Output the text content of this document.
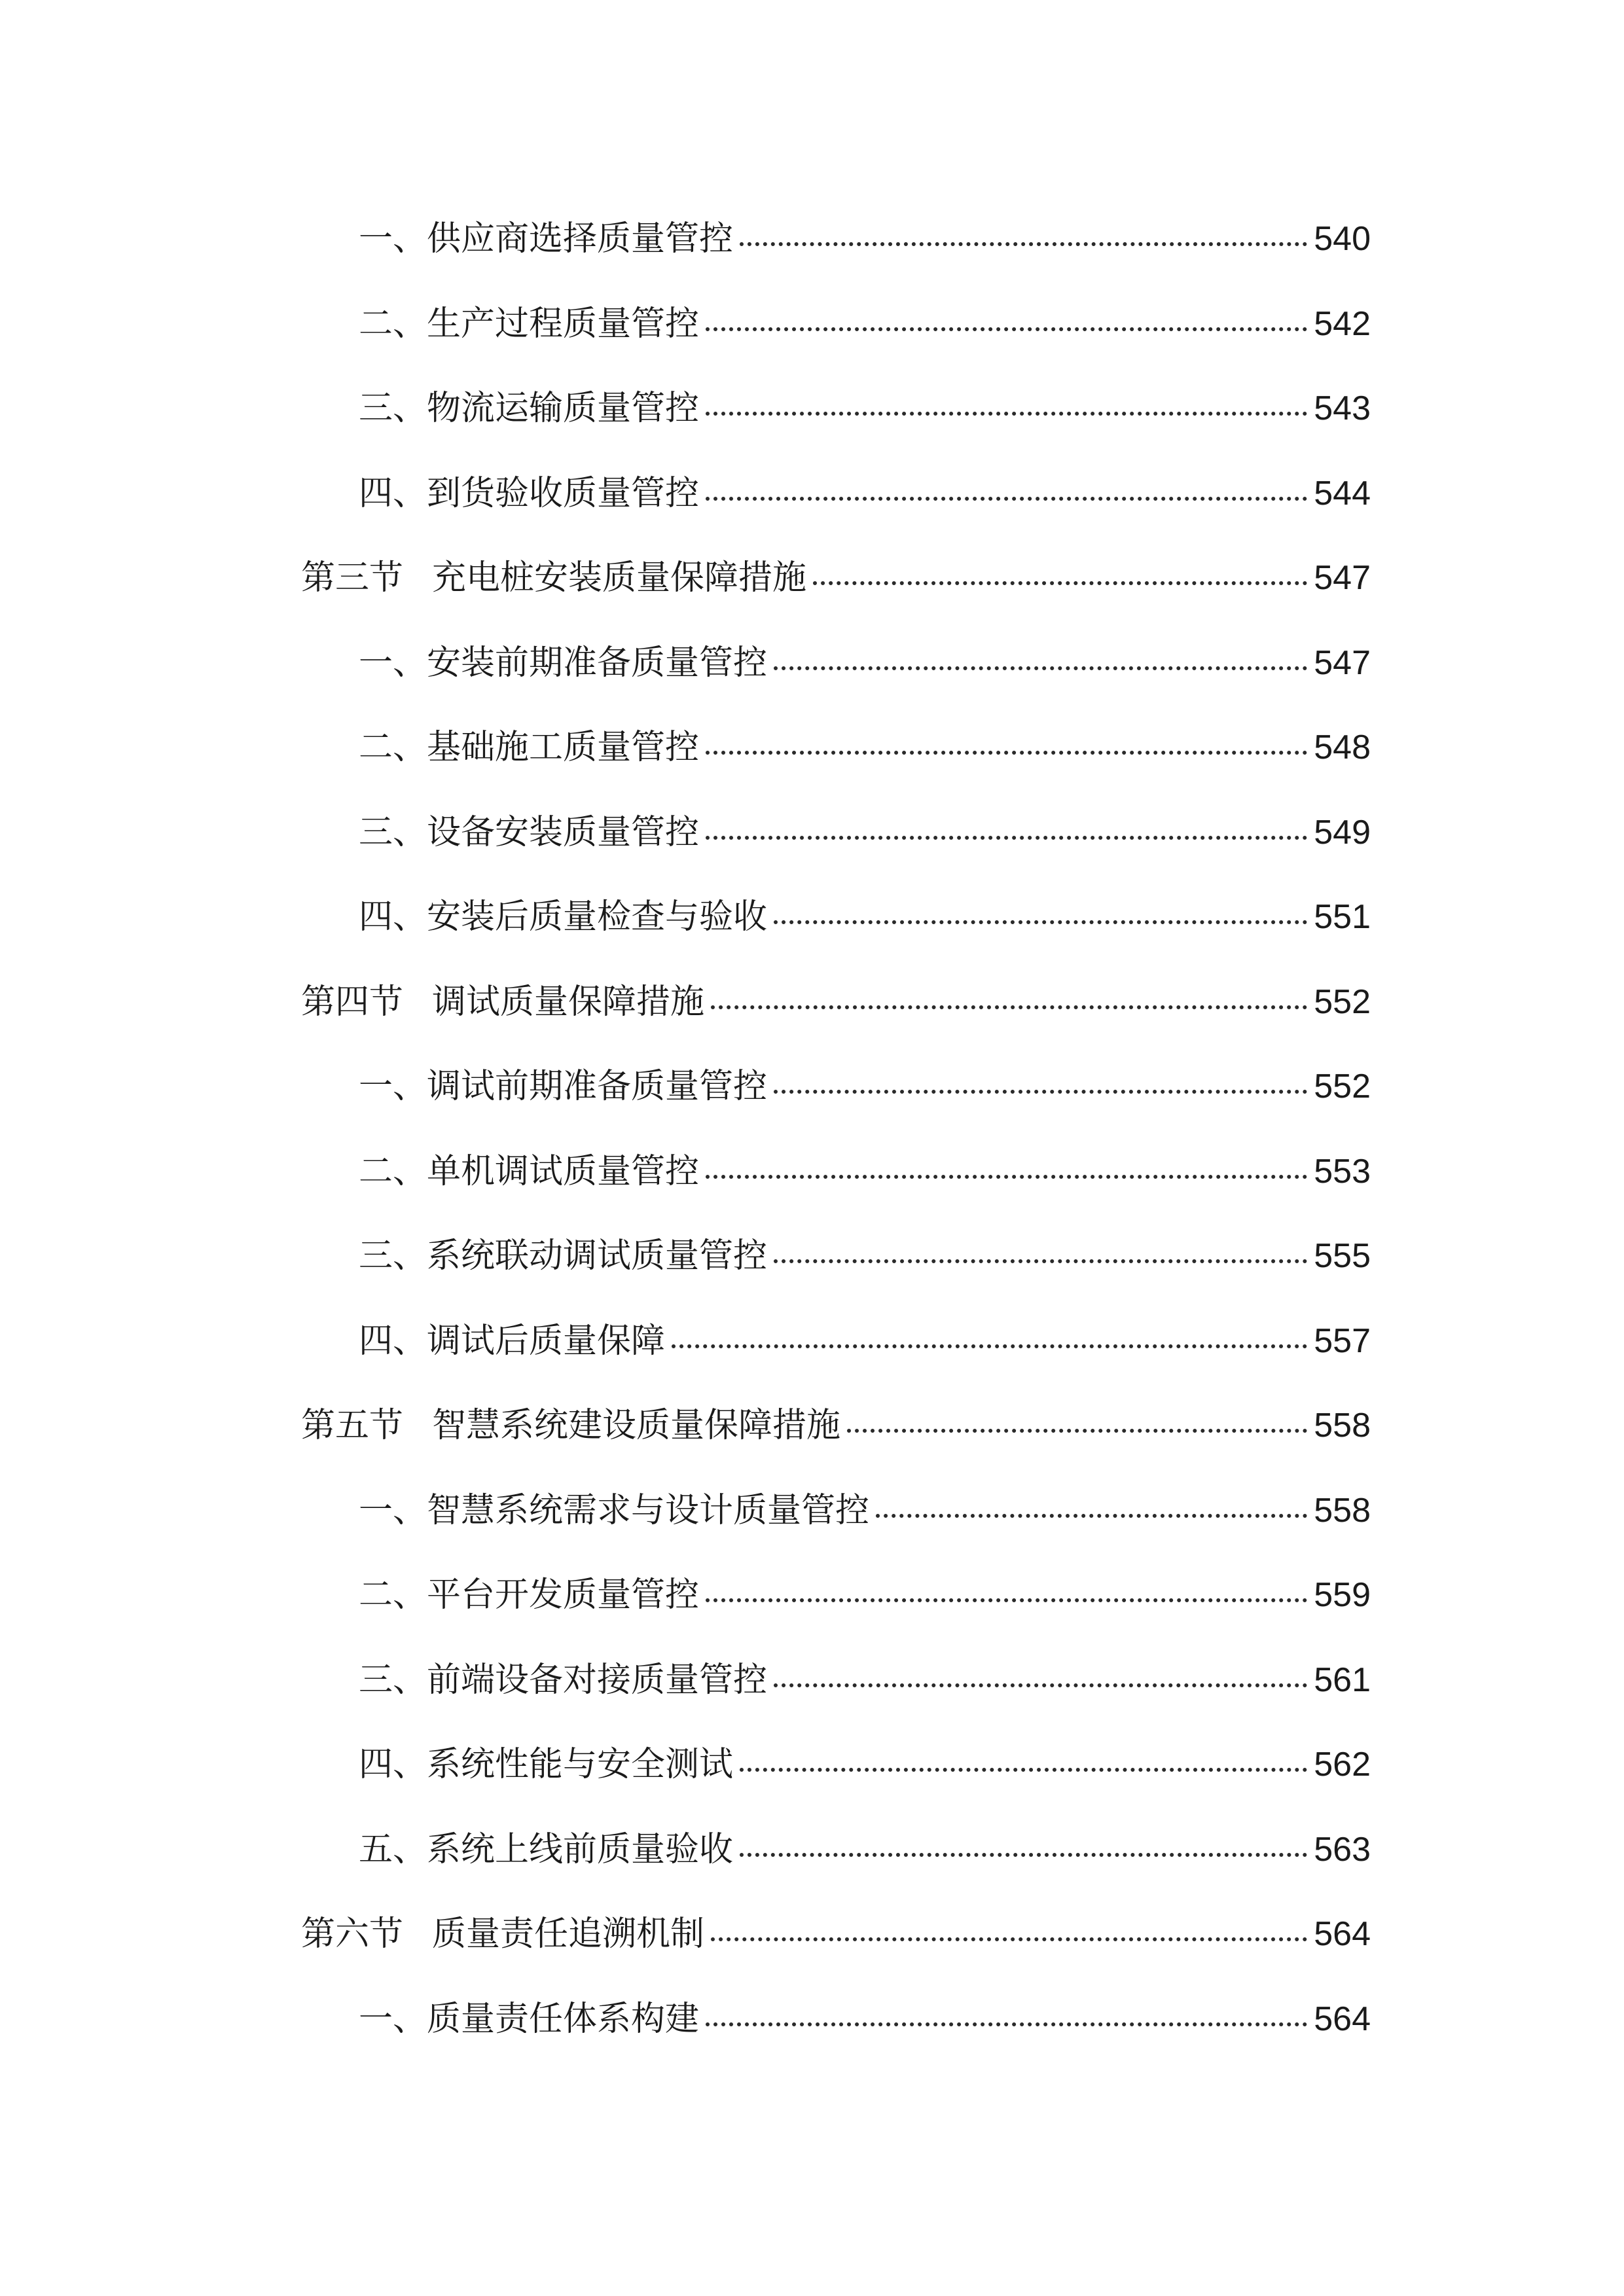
一、 供应商选择质量管控	540
二、 生产过程质量管控	542
三、 物流运输质量管控	543
四、 到货验收质量管控	544
第三节 充电桩安装质量保障措施	547
一、 安装前期准备质量管控	547
二、 基础施工质量管控	548
三、 设备安装质量管控	549
四、 安装后质量检查与验收	551
第四节 调试质量保障措施	552
一、 调试前期准备质量管控	552
二、 单机调试质量管控	553
三、 系统联动调试质量管控	555
四、 调试后质量保障	557
第五节 智慧系统建设质量保障措施	558
一、 智慧系统需求与设计质量管控	558
二、 平台开发质量管控	559
三、 前端设备对接质量管控	561
四、 系统性能与安全测试	562
五、 系统上线前质量验收	563
第六节 质量责任追溯机制	564
一、 质量责任体系构建	564
